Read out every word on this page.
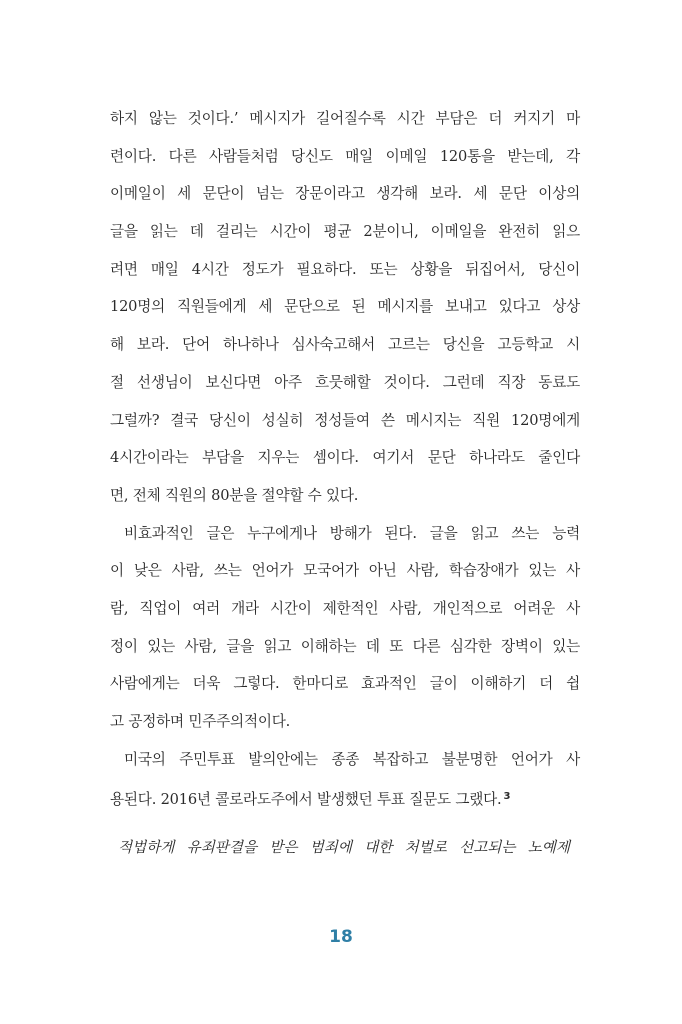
하지 않는 것이다.’ 메시지가 길어질수록 시간 부담은 더 커지기 마
련이다. 다른 사람들처럼 당신도 매일 이메일 120통을 받는데, 각
이메일이 세 문단이 넘는 장문이라고 생각해 보라. 세 문단 이상의
글을 읽는 데 걸리는 시간이 평균 2분이니, 이메일을 완전히 읽으
려면 매일 4시간 정도가 필요하다. 또는 상황을 뒤집어서, 당신이
120명의 직원들에게 세 문단으로 된 메시지를 보내고 있다고 상상
해 보라. 단어 하나하나 심사숙고해서 고르는 당신을 고등학교 시
절 선생님이 보신다면 아주 흐뭇해할 것이다. 그런데 직장 동료도
그럴까? 결국 당신이 성실히 정성들여 쓴 메시지는 직원 120명에게
4시간이라는 부담을 지우는 셈이다. 여기서 문단 하나라도 줄인다
면, 전체 직원의 80분을 절약할 수 있다.
비효과적인 글은 누구에게나 방해가 된다. 글을 읽고 쓰는 능력
이 낮은 사람, 쓰는 언어가 모국어가 아닌 사람, 학습장애가 있는 사
람, 직업이 여러 개라 시간이 제한적인 사람, 개인적으로 어려운 사
정이 있는 사람, 글을 읽고 이해하는 데 또 다른 심각한 장벽이 있는
사람에게는 더욱 그렇다. 한마디로 효과적인 글이 이해하기 더 쉽
고 공정하며 민주주의적이다.
미국의 주민투표 발의안에는 종종 복잡하고 불분명한 언어가 사
용된다. 2016년 콜로라도주에서 발생했던 투표 질문도 그랬다. $^3$
적법하게 유죄판결을 받은 범죄에 대한 처벌로 선고되는 노예제
18
